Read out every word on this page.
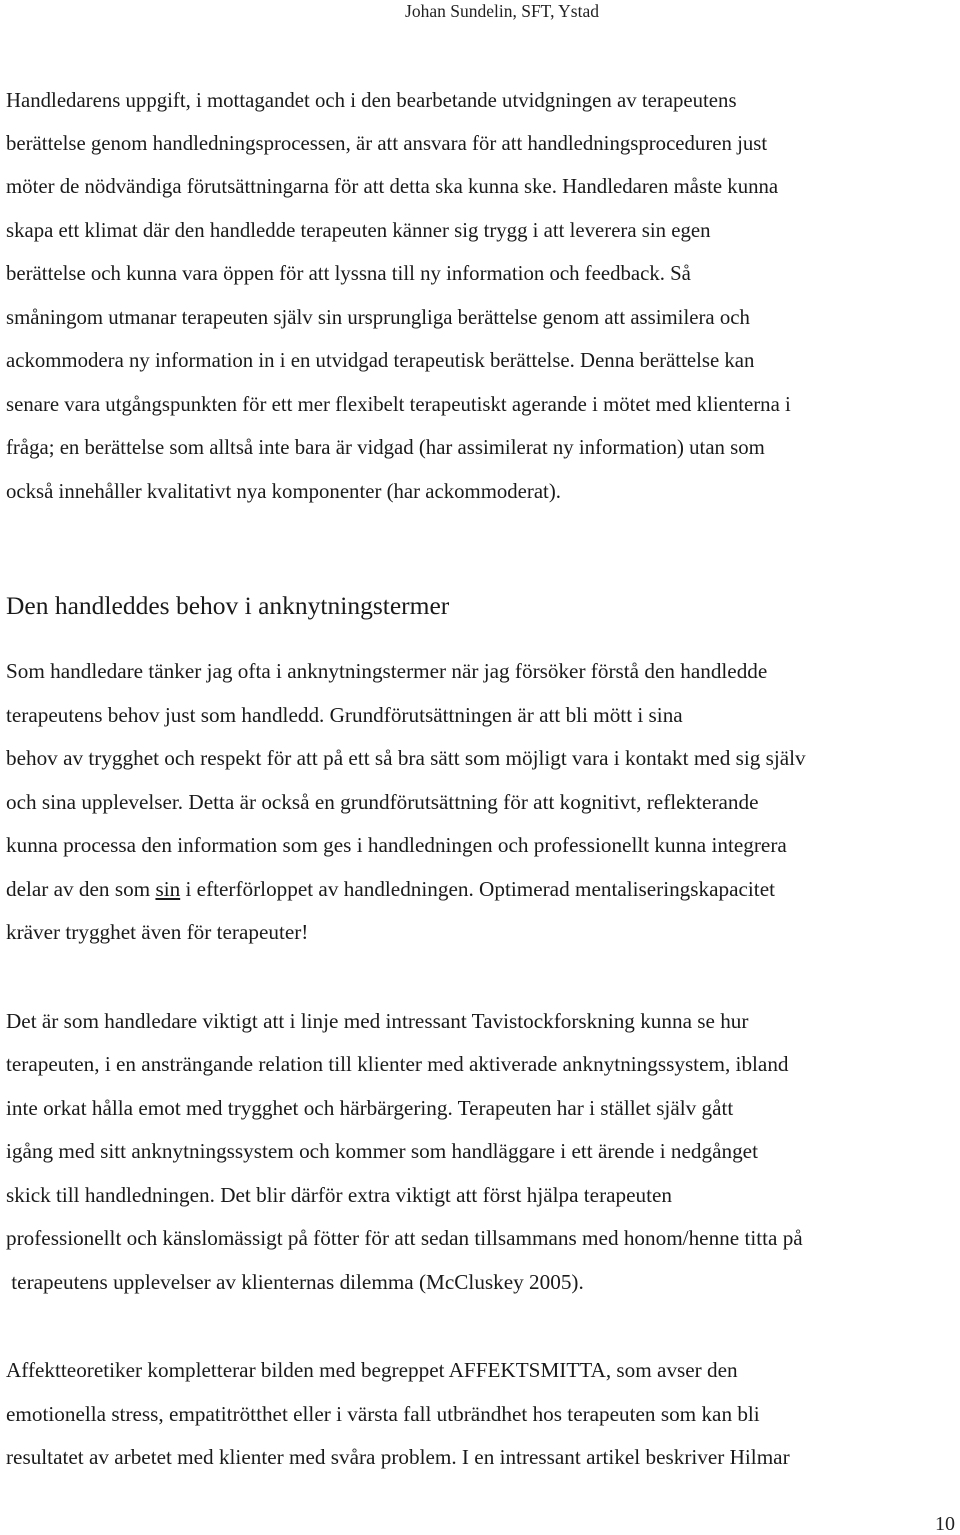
Johan Sundelin, SFT, Ystad
Handledarens uppgift, i mottagandet och i den bearbetande utvidgningen av terapeutens
berättelse genom handledningsprocessen, är att ansvara för att handledningsproceduren just
möter de nödvändiga förutsättningarna för att detta ska kunna ske. Handledaren måste kunna
skapa ett klimat där den handledde terapeuten känner sig trygg i att leverera sin egen
berättelse och kunna vara öppen för att lyssna till ny information och feedback. Så
småningom utmanar terapeuten själv sin ursprungliga berättelse genom att assimilera och
ackommodera ny information in i en utvidgad terapeutisk berättelse. Denna berättelse kan
senare vara utgångspunkten för ett mer flexibelt terapeutiskt agerande i mötet med klienterna i
fråga; en berättelse som alltså inte bara är vidgad (har assimilerat ny information) utan som
också innehåller kvalitativt nya komponenter (har ackommoderat).
Den handleddes behov i anknytningstermer
Som handledare tänker jag ofta i anknytningstermer när jag försöker förstå den handledde
terapeutens behov just som handledd. Grundförutsättningen är att bli mött i sina
behov av trygghet och respekt för att på ett så bra sätt som möjligt vara i kontakt med sig själv
och sina upplevelser. Detta är också en grundförutsättning för att kognitivt, reflekterande
kunna processa den information som ges i handledningen och professionellt kunna integrera
delar av den som sin i efterförloppet av handledningen. Optimerad mentaliseringskapacitet
kräver trygghet även för terapeuter!
Det är som handledare viktigt att i linje med intressant Tavistockforskning kunna se hur
terapeuten, i en ansträngande relation till klienter med aktiverade anknytningssystem, ibland
inte orkat hålla emot med trygghet och härbärgering. Terapeuten har i stället själv gått
igång med sitt anknytningssystem och kommer som handläggare i ett ärende i nedgånget
skick till handledningen. Det blir därför extra viktigt att först hjälpa terapeuten
professionellt och känslomässigt på fötter för att sedan tillsammans med honom/henne titta på
terapeutens upplevelser av klienternas dilemma (McCluskey 2005).
Affektteoretiker kompletterar bilden med begreppet AFFEKTSMITTA, som avser den
emotionella stress, empatitrötthet eller i värsta fall utbrändhet hos terapeuten som kan bli
resultatet av arbetet med klienter med svåra problem. I en intressant artikel beskriver Hilmar
10
